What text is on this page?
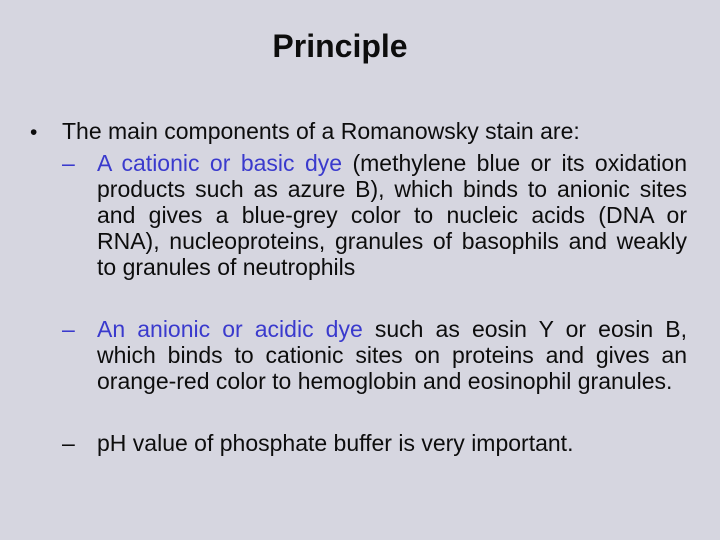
Principle
• The main components of a Romanowsky stain are:
– A cationic or basic dye (methylene blue or its oxidation
products such as azure B), which binds to anionic sites
and gives a blue-grey color to nucleic acids (DNA or
RNA), nucleoproteins, granules of basophils and weakly
to granules of neutrophils
– An anionic or acidic dye such as eosin Y or eosin B,
which binds to cationic sites on proteins and gives an
orange-red color to hemoglobin and eosinophil granules.
– pH value of phosphate buffer is very important.
